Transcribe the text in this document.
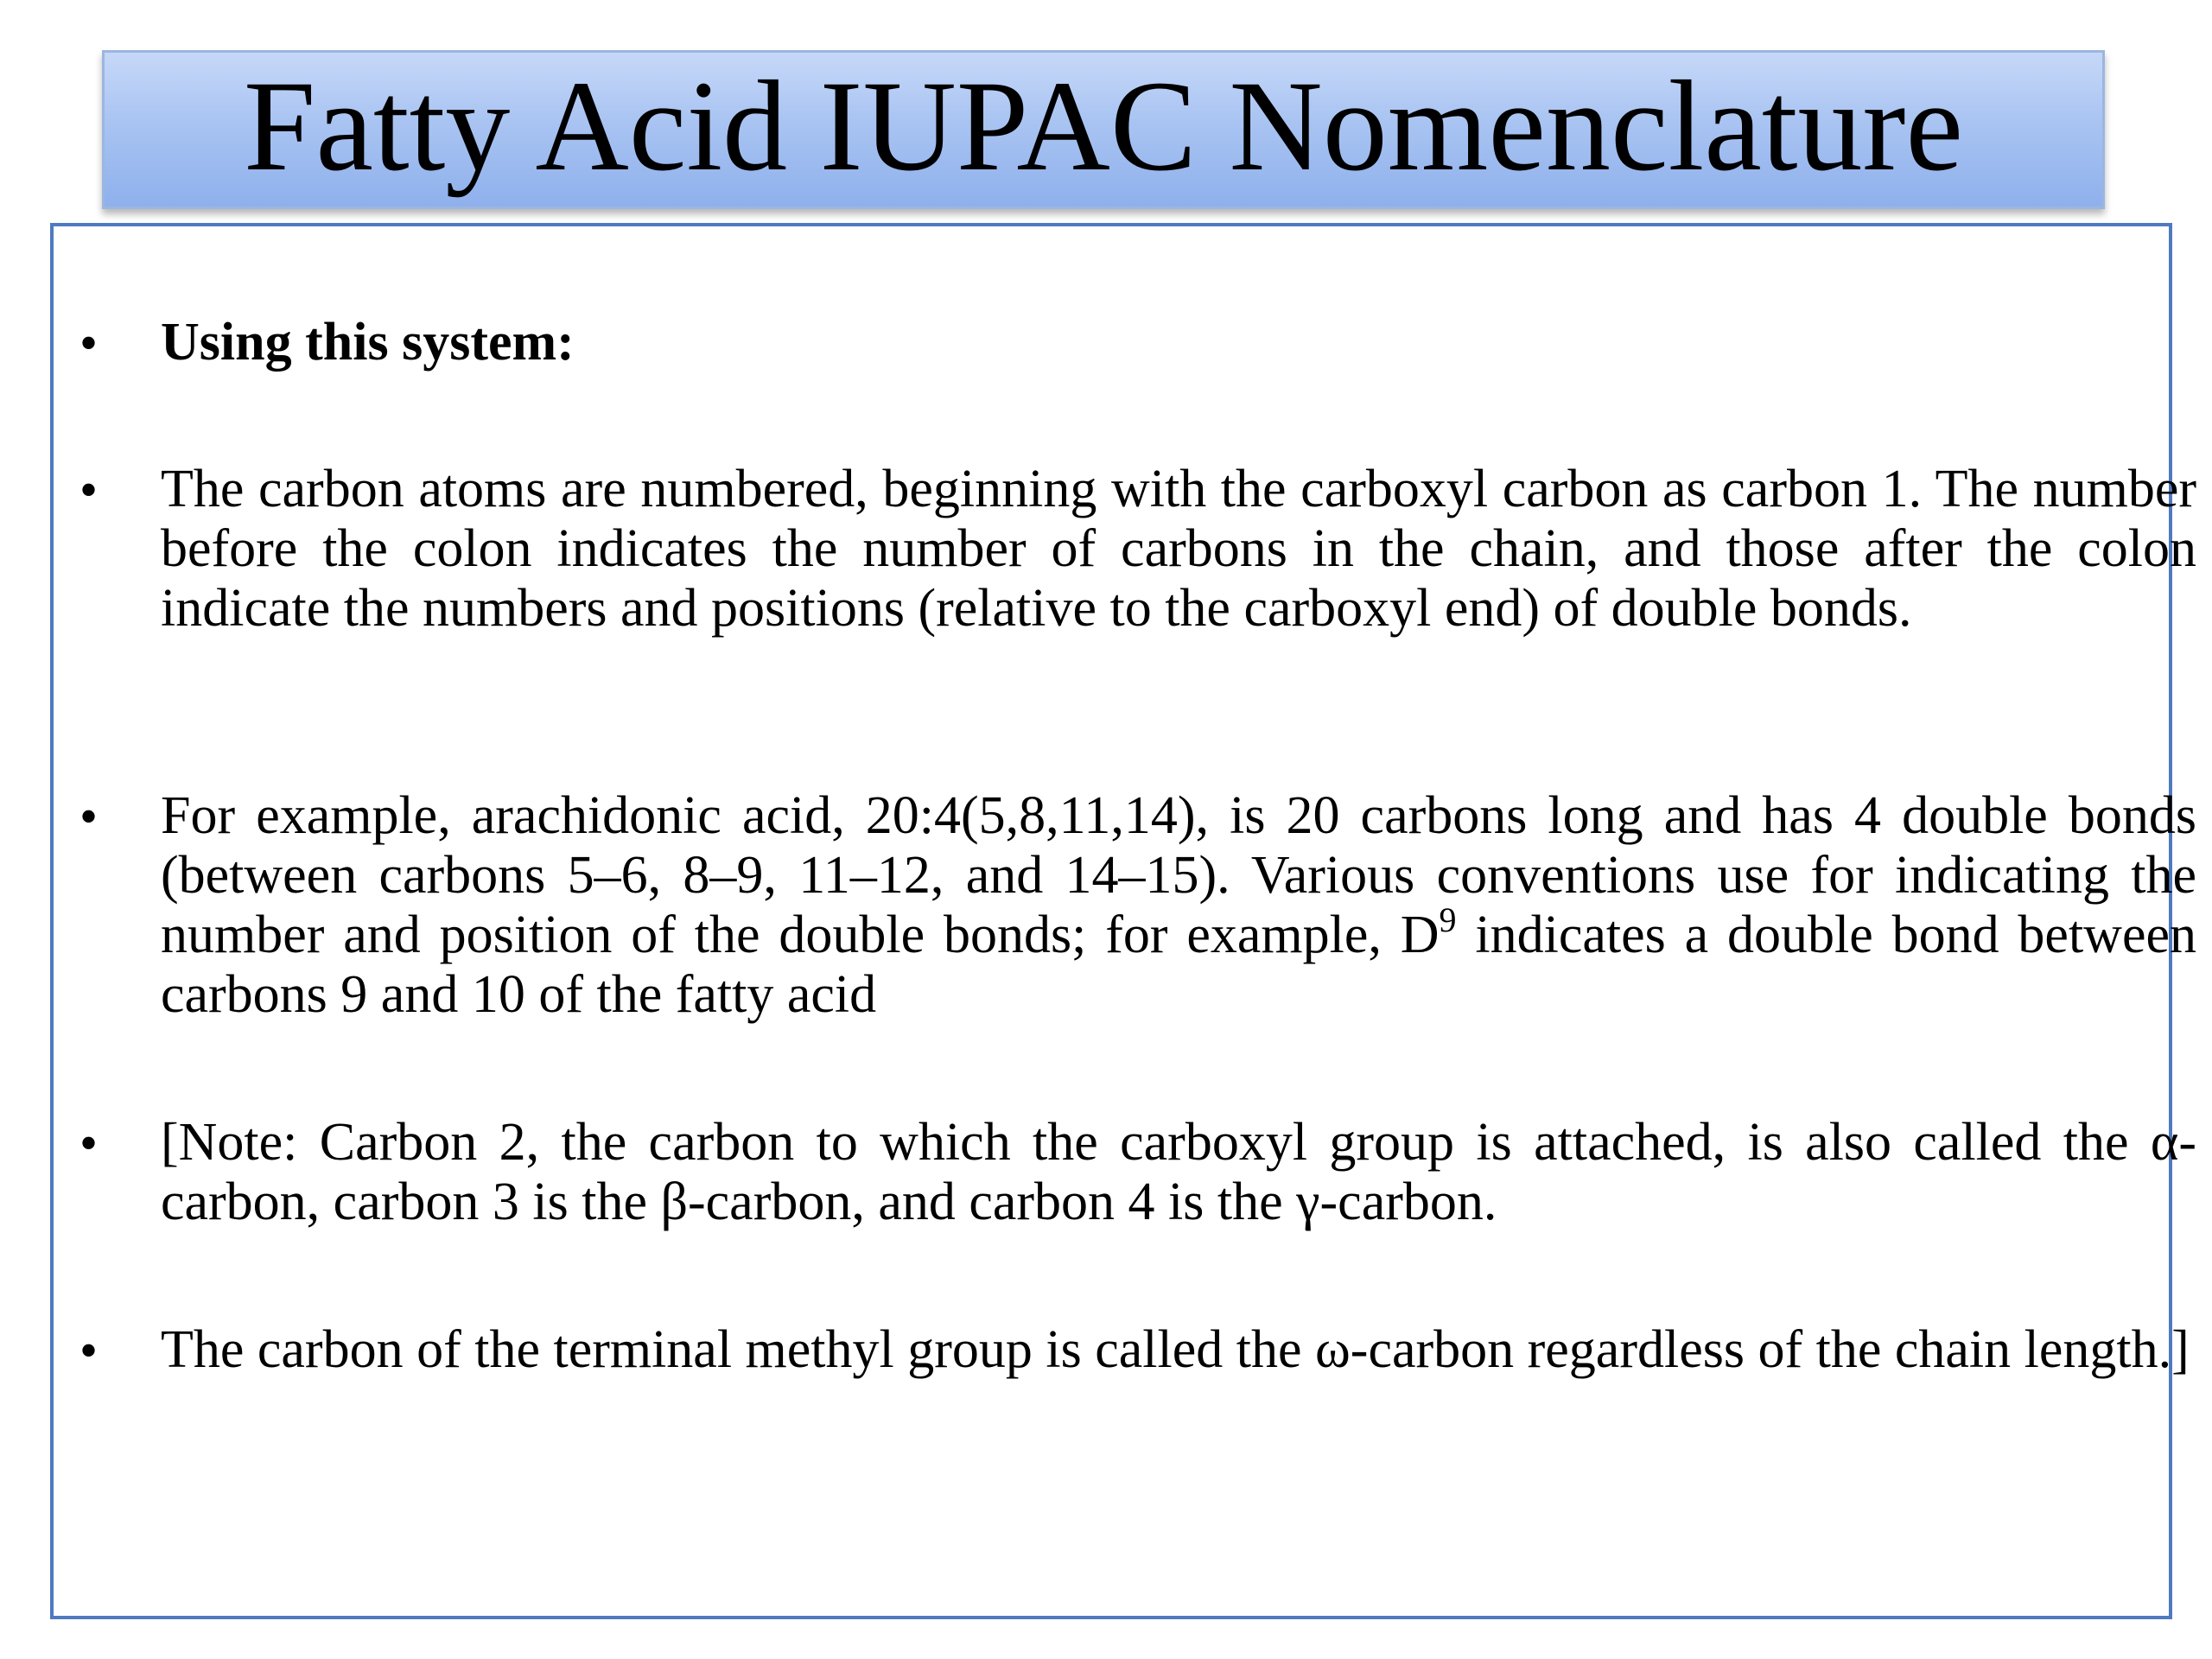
Fatty Acid IUPAC Nomenclature
• Using this system:
• The carbon atoms are numbered, beginning with the carboxyl carbon as carbon 1. The number before the colon indicates the number of carbons in the chain, and those after the colon indicate the numbers and positions (relative to the carboxyl end) of double bonds.
• For example, arachidonic acid, 20:4(5,8,11,14), is 20 carbons long and has 4 double bonds (between carbons 5–6, 8–9, 11–12, and 14–15). Various conventions use for indicating the number and position of the double bonds; for example, $D^9$ indicates a double bond between carbons 9 and 10 of the fatty acid
• [Note: Carbon 2, the carbon to which the carboxyl group is attached, is also called the α-carbon, carbon 3 is the β-carbon, and carbon 4 is the γ-carbon.
• The carbon of the terminal methyl group is called the ω-carbon regardless of the chain length.]
